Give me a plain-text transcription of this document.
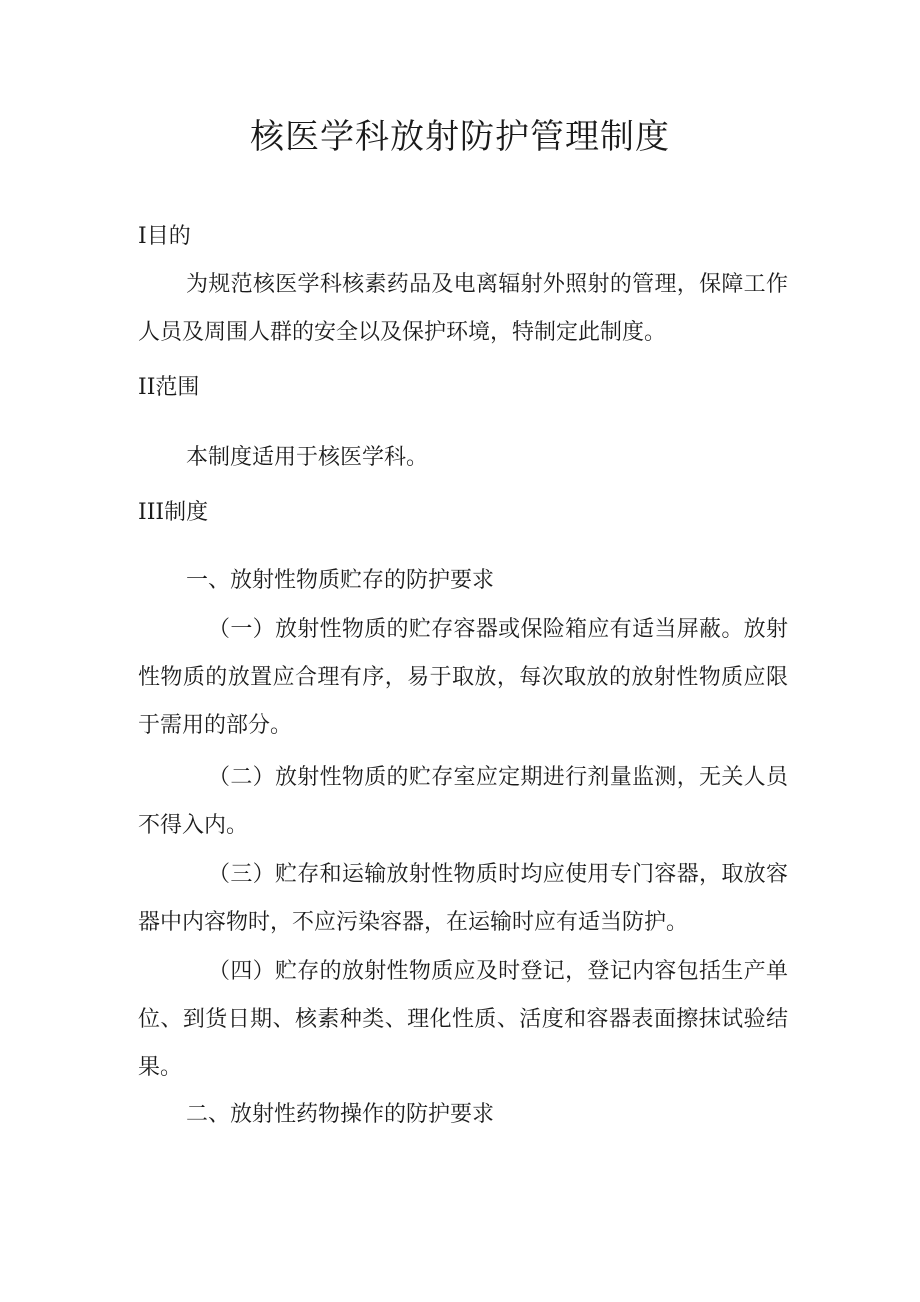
核医学科放射防护管理制度
I目的
为规范核医学科核素药品及电离辐射外照射的管理，保障工作人员及周围人群的安全以及保护环境，特制定此制度。
II范围
本制度适用于核医学科。
III制度
一、放射性物质贮存的防护要求
（一）放射性物质的贮存容器或保险箱应有适当屏蔽。放射性物质的放置应合理有序，易于取放，每次取放的放射性物质应限于需用的部分。
（二）放射性物质的贮存室应定期进行剂量监测，无关人员不得入内。
（三）贮存和运输放射性物质时均应使用专门容器，取放容器中内容物时，不应污染容器，在运输时应有适当防护。
（四）贮存的放射性物质应及时登记，登记内容包括生产单位、到货日期、核素种类、理化性质、活度和容器表面擦抹试验结果。
二、放射性药物操作的防护要求
